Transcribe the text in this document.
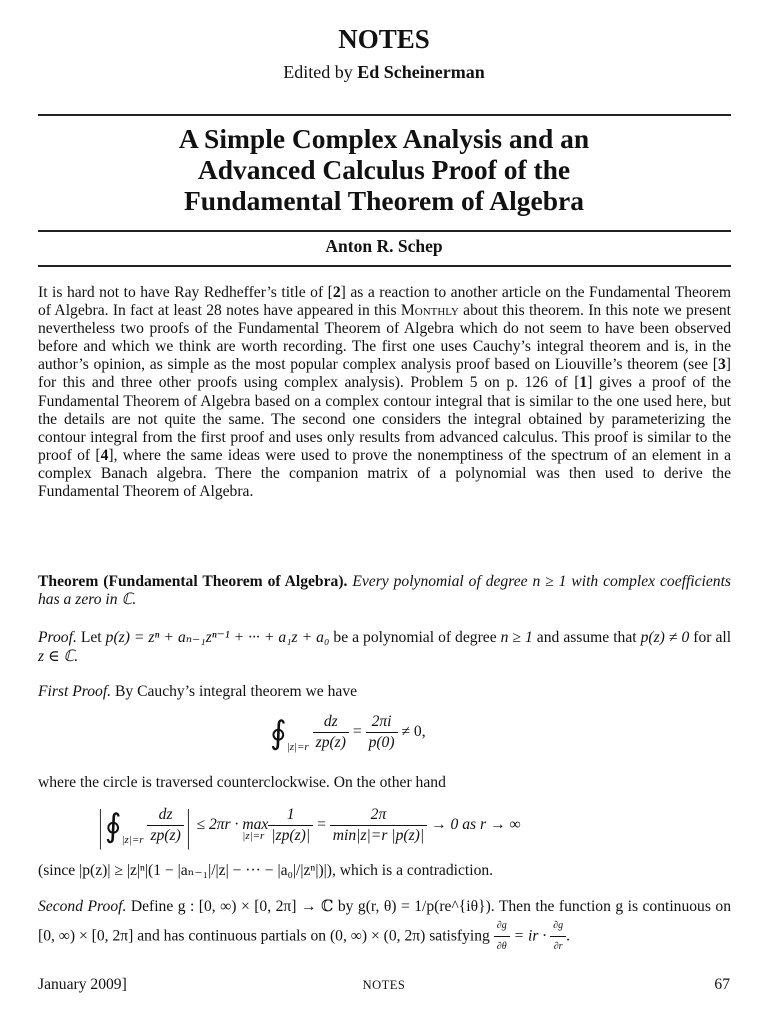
NOTES
Edited by Ed Scheinerman
A Simple Complex Analysis and an
Advanced Calculus Proof of the
Fundamental Theorem of Algebra
Anton R. Schep
It is hard not to have Ray Redheffer’s title of [2] as a reaction to another article on the Fundamental Theorem of Algebra. In fact at least 28 notes have appeared in this Monthly about this theorem. In this note we present nevertheless two proofs of the Fundamental Theorem of Algebra which do not seem to have been observed before and which we think are worth recording. The first one uses Cauchy’s integral theorem and is, in the author’s opinion, as simple as the most popular complex analysis proof based on Liouville’s theorem (see [3] for this and three other proofs using complex analysis). Problem 5 on p. 126 of [1] gives a proof of the Fundamental Theorem of Algebra based on a complex contour integral that is similar to the one used here, but the details are not quite the same. The second one considers the integral obtained by parameterizing the contour integral from the first proof and uses only results from advanced calculus. This proof is similar to the proof of [4], where the same ideas were used to prove the nonemptiness of the spectrum of an element in a complex Banach algebra. There the companion matrix of a polynomial was then used to derive the Fundamental Theorem of Algebra.
Theorem (Fundamental Theorem of Algebra). Every polynomial of degree n ≥ 1 with complex coefficients has a zero in ℂ.
Proof. Let p(z) = zⁿ + aₙ₋₁zⁿ⁻¹ + ··· + a₁z + a₀ be a polynomial of degree n ≥ 1 and assume that p(z) ≠ 0 for all z ∈ ℂ.
First Proof. By Cauchy’s integral theorem we have
$∮_{|z|=r} \frac{dz}{zp(z)} = \frac{2\pi i}{p(0)} \ne 0$,
where the circle is traversed counterclockwise. On the other hand
$|∮_{|z|=r} \frac{dz}{zp(z)}$ | ≤ $2\pi r \cdot \max_{|z|=r} \frac{1}{|zp(z)|} = \frac{2\pi}{\min|z|=r |p(z)|} \to 0$ as r → ∞
(since |p(z)| ≥ |z|ⁿ|(1 − |aₙ₋₁|/|z| − ··· − |a₀|/|zⁿ|)|), which is a contradiction.
Second Proof. Define g : [0, ∞) × [0, 2π] → ℂ by g(r, θ) = 1/p(re^{iθ}). Then the function g is continuous on [0, ∞) × [0, 2π] and has continuous partials on (0, ∞) × (0, 2π) satisfying $\frac{\partial g}{\partial\theta}$ = ir · $\frac{\partial g}{\partial r}$ .
January 2009]	NOTES	67
